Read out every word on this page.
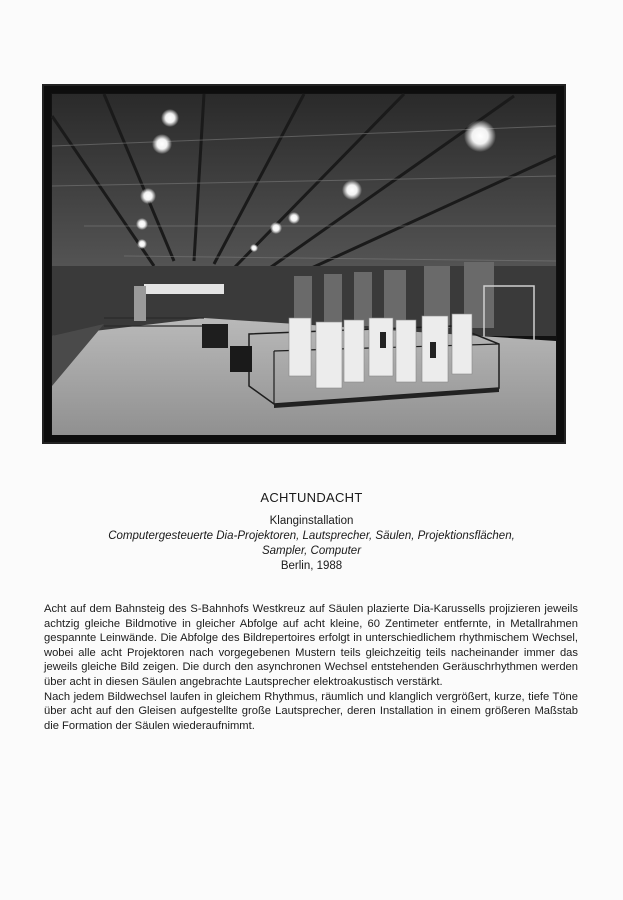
ACHTUNDACHT
Klanginstallation
Computergesteuerte Dia-Projektoren, Lautsprecher, Säulen, Projektionsflächen,
Sampler, Computer
Berlin, 1988

Acht auf dem Bahnsteig des S-Bahnhofs Westkreuz auf Säulen plazierte Dia-Karussells projizieren jeweils achtzig gleiche Bildmotive in gleicher Abfolge auf acht kleine, 60 Zentimeter entfernte, in Metallrahmen gespannte Leinwände. Die Abfolge des Bildrepertoires erfolgt in unterschiedlichem rhythmischem Wechsel, wobei alle acht Projektoren nach vorgegebenen Mustern teils gleichzeitig teils nacheinander immer das jeweils gleiche Bild zeigen. Die durch den asynchronen Wechsel entstehenden Geräuschrhythmen werden über acht in diesen Säulen angebrachte Lautsprecher elektroakustisch verstärkt.

Nach jedem Bildwechsel laufen in gleichem Rhythmus, räumlich und klanglich vergrößert, kurze, tiefe Töne über acht auf den Gleisen aufgestellte große Lautsprecher, deren Installation in einem größeren Maßstab die Formation der Säulen wiederaufnimmt.
